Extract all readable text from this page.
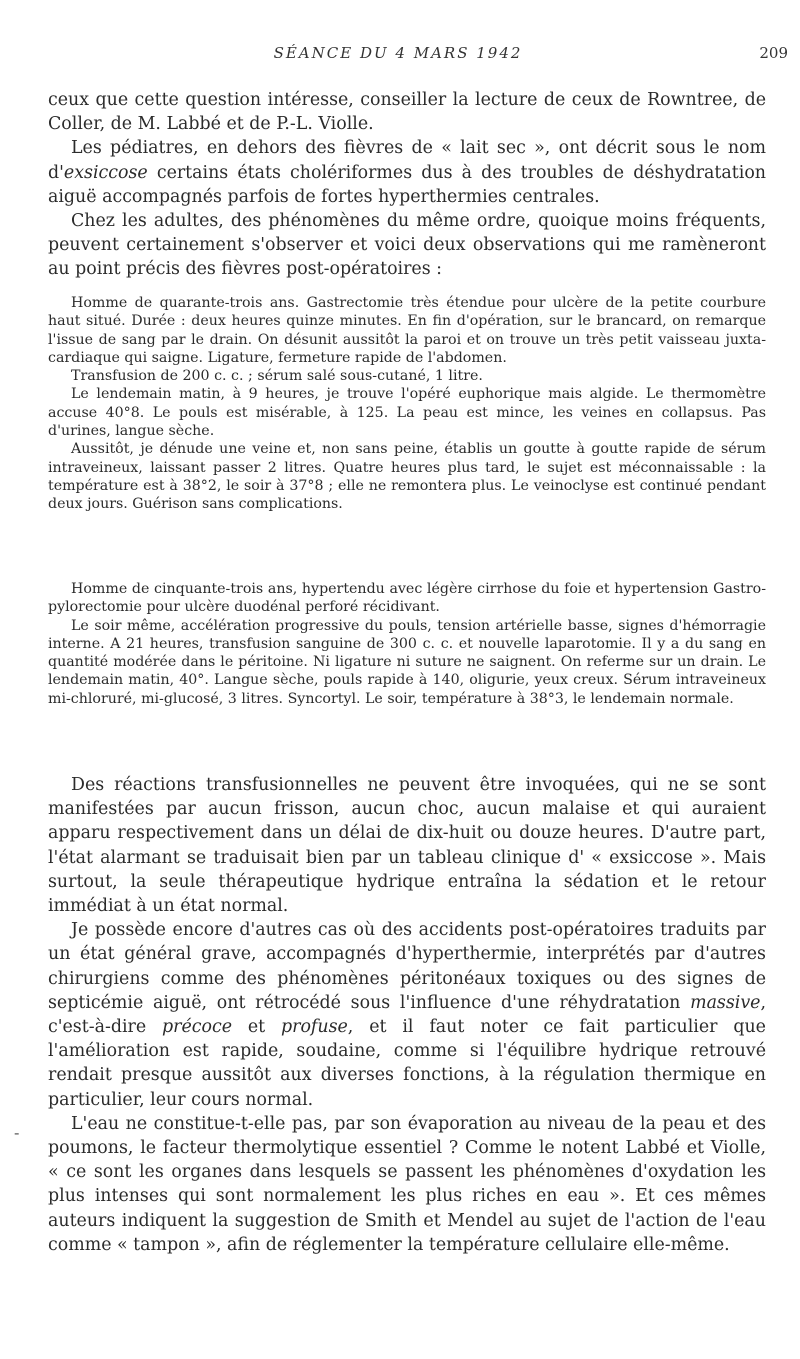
SÉANCE DU 4 MARS 1942	209

ceux que cette question intéresse, conseiller la lecture de ceux de Rowntree, de Coller, de M. Labbé et de P.-L. Violle.

Les pédiatres, en dehors des fièvres de « lait sec », ont décrit sous le nom d'exsiccose certains états cholériformes dus à des troubles de déshydratation aiguë accompagnés parfois de fortes hyperthermies centrales.

Chez les adultes, des phénomènes du même ordre, quoique moins fréquents, peuvent certainement s'observer et voici deux observations qui me ramèneront au point précis des fièvres post-opératoires :

Homme de quarante-trois ans. Gastrectomie très étendue pour ulcère de la petite courbure haut situé. Durée : deux heures quinze minutes. En fin d'opération, sur le brancard, on remarque l'issue de sang par le drain. On désunit aussitôt la paroi et on trouve un très petit vaisseau juxta-cardiaque qui saigne. Ligature, fermeture rapide de l'abdomen.

Transfusion de 200 c. c. ; sérum salé sous-cutané, 1 litre.

Le lendemain matin, à 9 heures, je trouve l'opéré euphorique mais algide. Le thermomètre accuse 40°8. Le pouls est misérable, à 125. La peau est mince, les veines en collapsus. Pas d'urines, langue sèche.

Aussitôt, je dénude une veine et, non sans peine, établis un goutte à goutte rapide de sérum intraveineux, laissant passer 2 litres. Quatre heures plus tard, le sujet est méconnaissable : la température est à 38°2, le soir à 37°8 ; elle ne remontera plus. Le veinoclyse est continué pendant deux jours. Guérison sans complications.

Homme de cinquante-trois ans, hypertendu avec légère cirrhose du foie et hypertension Gastro-pylorectomie pour ulcère duodénal perforé récidivant.

Le soir même, accélération progressive du pouls, tension artérielle basse, signes d'hémorragie interne. A 21 heures, transfusion sanguine de 300 c. c. et nouvelle laparotomie. Il y a du sang en quantité modérée dans le péritoine. Ni ligature ni suture ne saignent. On referme sur un drain. Le lendemain matin, 40°. Langue sèche, pouls rapide à 140, oligurie, yeux creux. Sérum intraveineux mi-chloruré, mi-glucosé, 3 litres. Syncortyl. Le soir, température à 38°3, le lendemain normale.

Des réactions transfusionnelles ne peuvent être invoquées, qui ne se sont manifestées par aucun frisson, aucun choc, aucun malaise et qui auraient apparu respectivement dans un délai de dix-huit ou douze heures. D'autre part, l'état alarmant se traduisait bien par un tableau clinique d' « exsiccose ». Mais surtout, la seule thérapeutique hydrique entraîna la sédation et le retour immédiat à un état normal.

Je possède encore d'autres cas où des accidents post-opératoires traduits par un état général grave, accompagnés d'hyperthermie, interprétés par d'autres chirurgiens comme des phénomènes péritonéaux toxiques ou des signes de septicémie aiguë, ont rétrocédé sous l'influence d'une réhydratation massive, c'est-à-dire précoce et profuse, et il faut noter ce fait particulier que l'amélioration est rapide, soudaine, comme si l'équilibre hydrique retrouvé rendait presque aussitôt aux diverses fonctions, à la régulation thermique en particulier, leur cours normal.

L'eau ne constitue-t-elle pas, par son évaporation au niveau de la peau et des poumons, le facteur thermolytique essentiel ? Comme le notent Labbé et Violle, « ce sont les organes dans lesquels se passent les phénomènes d'oxydation les plus intenses qui sont normalement les plus riches en eau ». Et ces mêmes auteurs indiquent la suggestion de Smith et Mendel au sujet de l'action de l'eau comme « tampon », afin de réglementer la température cellulaire elle-même.

-
